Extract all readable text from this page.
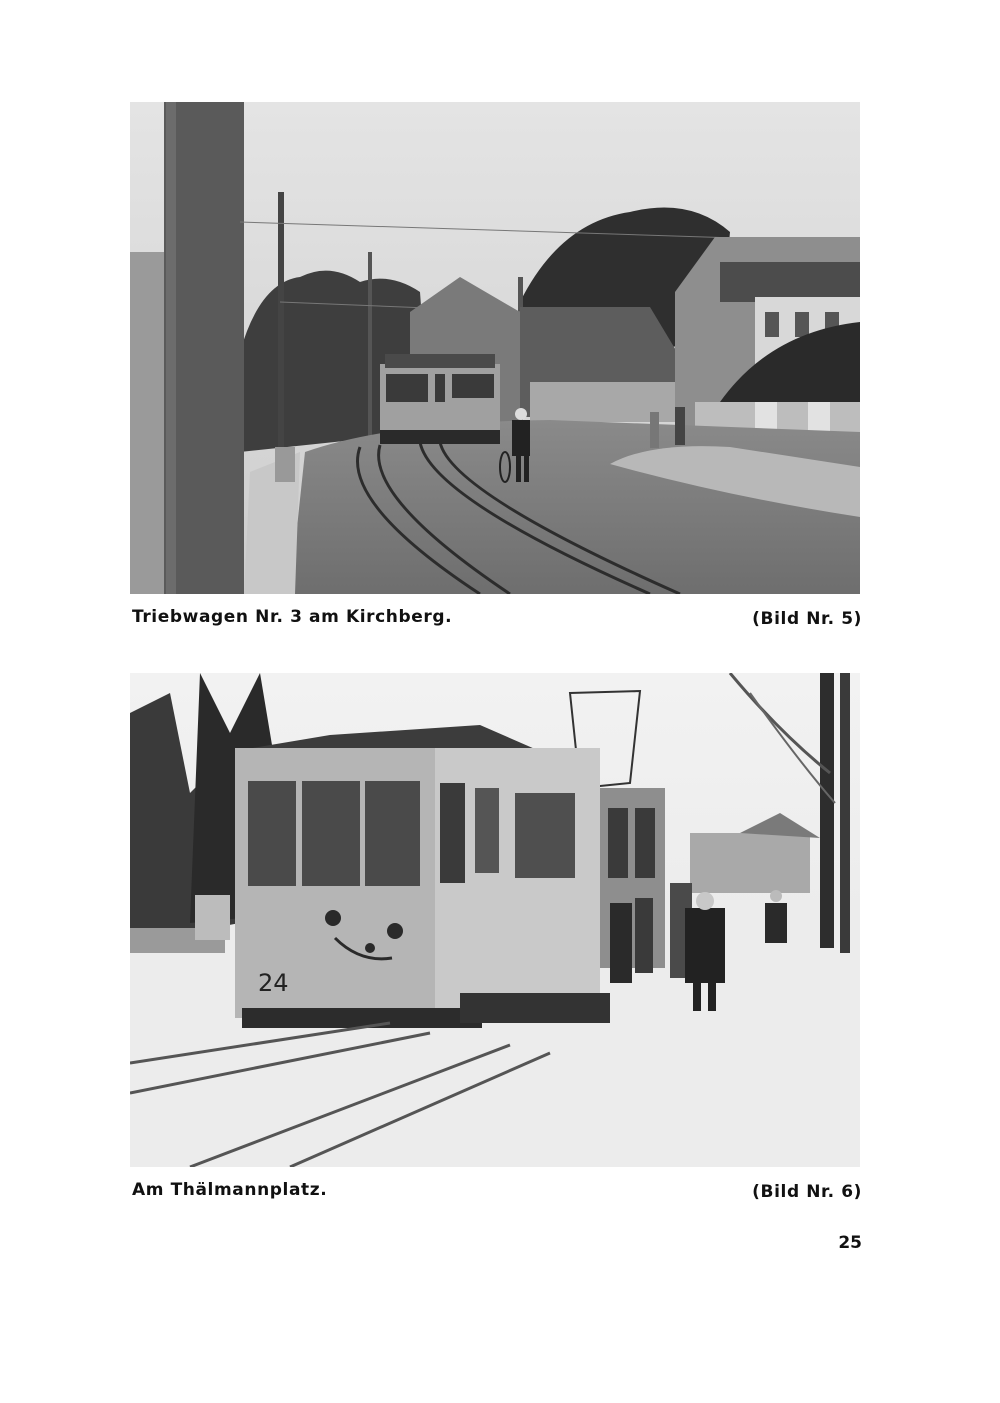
Triebwagen Nr. 3 am Kirchberg.	(Bild Nr. 5)
24
Am Thälmannplatz.	(Bild Nr. 6)
25
